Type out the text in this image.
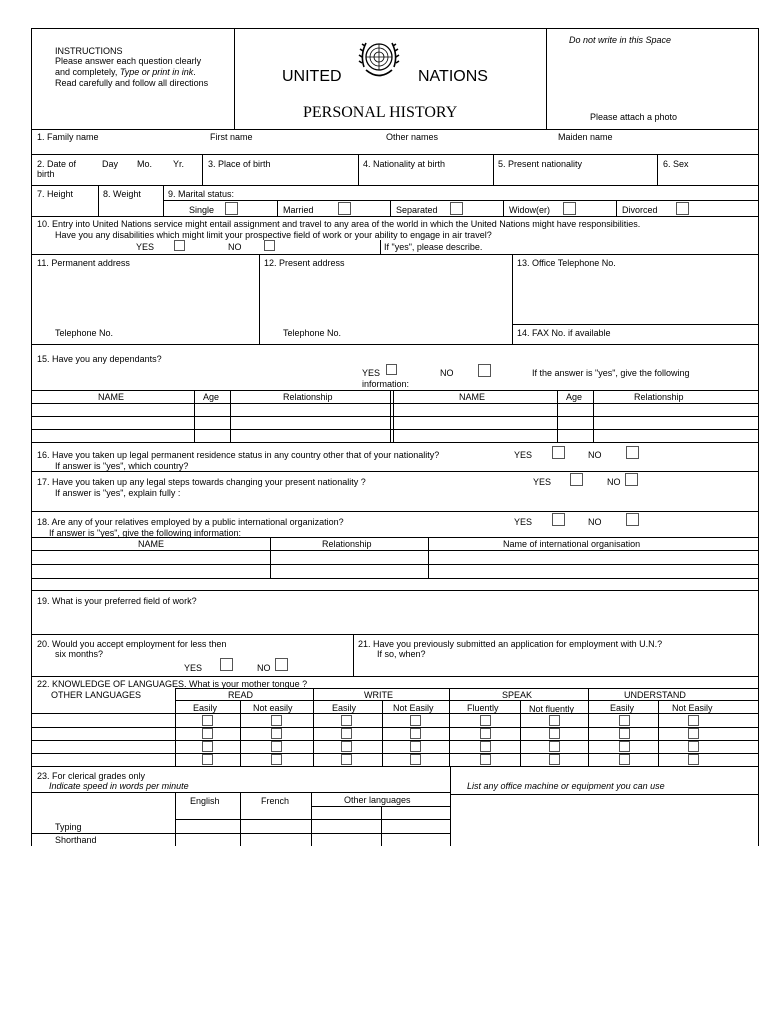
INSTRUCTIONS
Please answer each question clearly
and completely, Type or print in ink.
Read carefully and follow all directions	UNITED	NATIONS
PERSONAL HISTORY
Do not write in this Space
Please attach a photo
1. Family name	First name	Other names	Maiden name
2. Date of
birth
Day Mo. Yr.	3. Place of birth	4. Nationality at birth	5. Present nationality	6. Sex
7. Height	8. Weight	9. Marital status:
Single	Married	Separated	Widow(er)	Divorced
10. Entry into United Nations service might entail assignment and travel to any area of the world in which the United Nations might have responsibilities.
Have you any disabilities which might limit your prospective field of work or your ability to engage in air travel?
YES	NO	If "yes", please describe.
11. Permanent address	12. Present address	13. Office Telephone No.
Telephone No.	Telephone No.	14. FAX No. if available
15. Have you any dependants?
YES	NO	If the answer is "yes", give the following
information:
NAME	Age	Relationship	NAME	Age	Relationship
16. Have you taken up legal permanent residence status in any country other that of your nationality?
If answer is "yes", which country?
YES	NO
17. Have you taken up any legal steps towards changing your present nationality ?
If answer is "yes", explain fully :
YES	NO
18. Are any of your relatives employed by a public international organization?
If answer is "yes", give the following information:
YES	NO
NAME	Relationship	Name of international organisation
19. What is your preferred field of work?
20. Would you accept employment for less then
six months?
YES	NO
21. Have you previously submitted an application for employment with U.N.?
If so, when?
22. KNOWLEDGE OF LANGUAGES. What is your mother tongue ?
OTHER LANGUAGES	READ	WRITE	SPEAK	UNDERSTAND
Easily	Not easily	Easily	Not Easily	Fluently	Not fluently	Easily	Not Easily
23. For clerical grades only
Indicate speed in words per minute	List any office machine or equipment you can use
English	French	Other languages
Typing
Shorthand
